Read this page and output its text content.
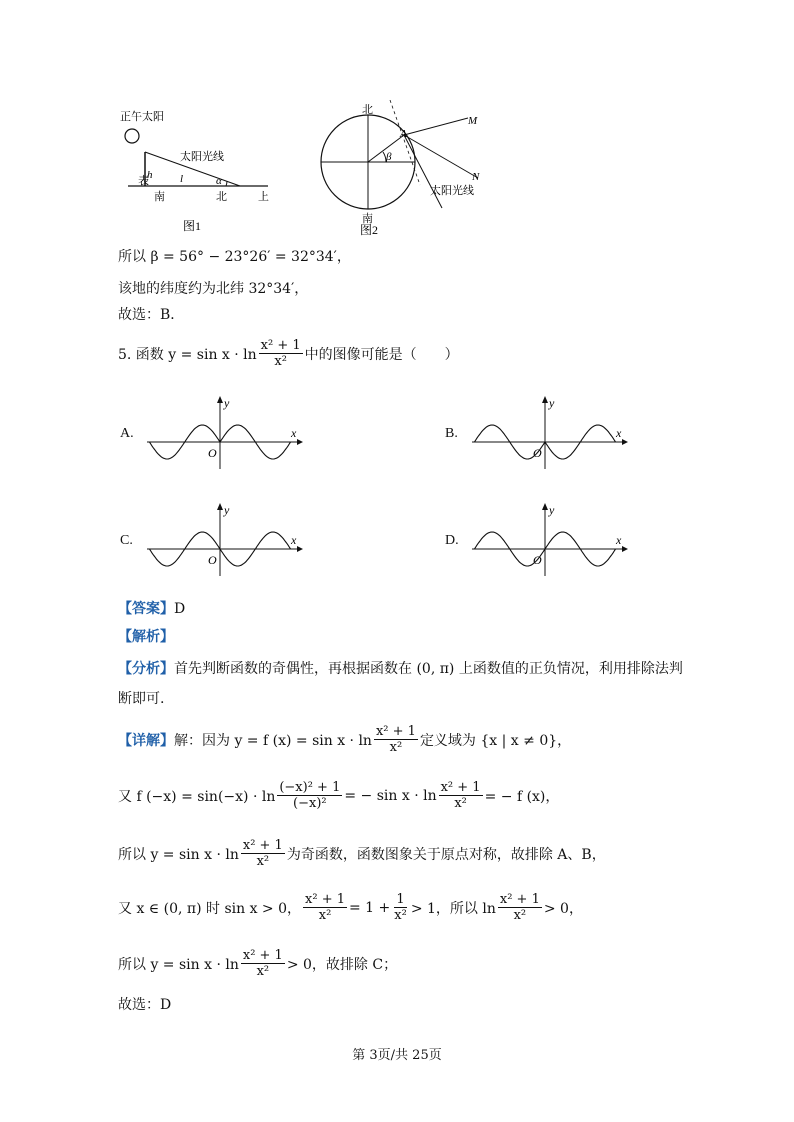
正午太阳
太阳光线
表
h	l	α
南	北	上
图1
北
南
A
β
M
N
太阳光线
图2
所以 β = 56° − 23°26′ = 32°34′，
该地的纬度约为北纬 32°34′，
故选：B．
5. 函数 $y = \sin x \cdot \ln \frac{\text{x² + 1}}{\text{x²}}$ 中的图像可能是（　　）
A.	x
y
O
B.	x
y
O
C.	x
y
O
D.	x
y
O
【答案】D
【解析】
【分析】首先判断函数的奇偶性，再根据函数在 (0, π) 上函数值的正负情况，利用排除法判
断即可.
【详解】 解：因为 y = f $(x) = \sin x \cdot \ln \frac{\text{x² + 1}}{\text{x²}}$ 定义域为 {x | x ≠ 0}，
又 f $(-x) = \sin(-x) \cdot \ln \frac{\text{(−x)² + 1}}{\text{(−x)²}}$ = − $\sin x \cdot \ln \frac{\text{x² + 1}}{\text{x²}}$ = − f (x)，
所以 $y = \sin x \cdot \ln \frac{\text{x² + 1}}{\text{x²}}$ 为奇函数，函数图象关于原点对称，故排除 A、B，
又 x ∈ (0, π) 时 sin x > 0， $\frac{\text{x² + 1}}{\text{x²}} = 1 + \frac{1}{\text{x²}} > 1$，所以 $\ln \frac{\text{x² + 1}}{\text{x²}} > 0$，
所以 $y = \sin x \cdot \ln \frac{\text{x² + 1}}{\text{x²}} > 0$，故排除 C；
故选：D
第 3页/共 25页
